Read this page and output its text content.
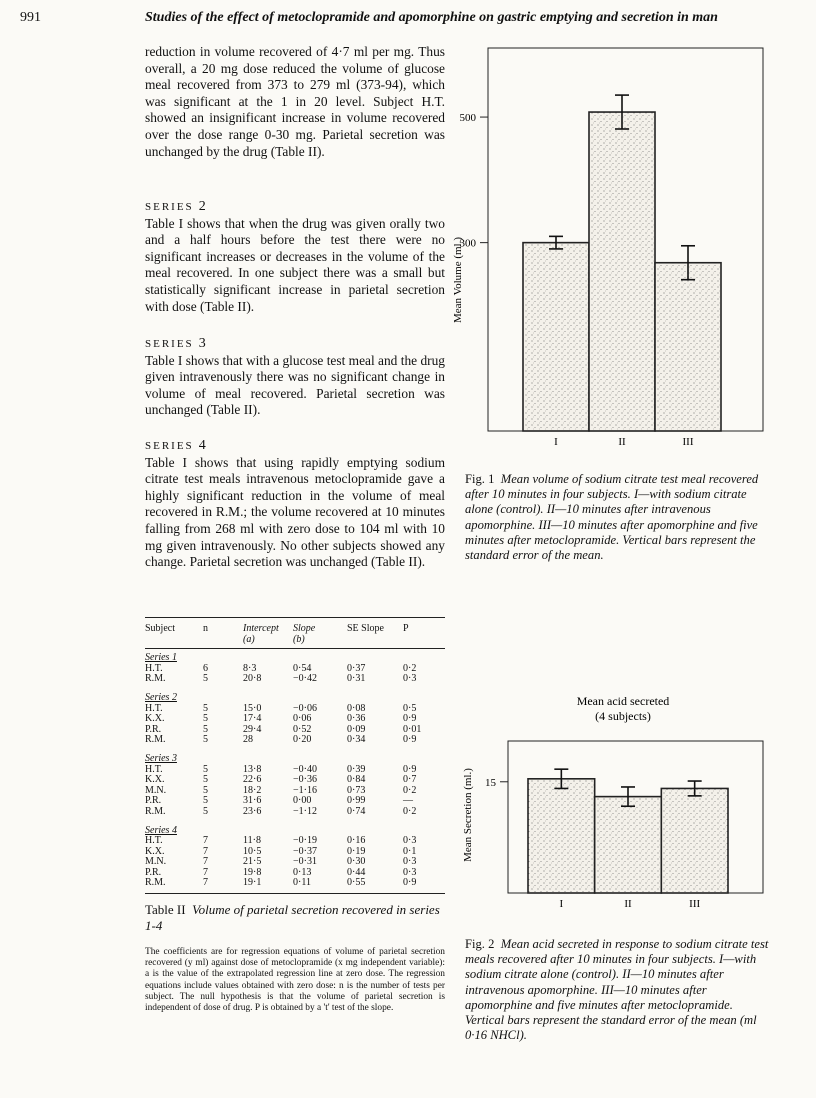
991	Studies of the effect of metoclopramide and apomorphine on gastric emptying and secretion in man
reduction in volume recovered of 4·7 ml per mg. Thus overall, a 20 mg dose reduced the volume of glucose meal recovered from 373 to 279 ml (373-94), which was significant at the 1 in 20 level. Subject H.T. showed an insignificant increase in volume recovered over the dose range 0-30 mg. Parietal secretion was unchanged by the drug (Table II).
SERIES 2
Table I shows that when the drug was given orally two and a half hours before the test there were no significant increases or decreases in the volume of the meal recovered. In one subject there was a small but statistically significant increase in parietal secretion with dose (Table II).
SERIES 3
Table I shows that with a glucose test meal and the drug given intravenously there was no significant change in volume of meal recovered. Parietal secretion was unchanged (Table II).
SERIES 4
Table I shows that using rapidly emptying sodium citrate test meals intravenous metoclopramide gave a highly significant reduction in the volume of meal recovered in R.M.; the volume recovered at 10 minutes falling from 268 ml with zero dose to 104 ml with 10 mg given intravenously. No other subjects showed any change. Parietal secretion was unchanged (Table II).
Subject	n	Intercept	Slope	SE Slope	P
		(a)	(b)		

Series 1					
H.T.	6	8·3	0·54	0·37	0·2
R.M.	5	20·8	−0·42	0·31	0·3
Series 2					
H.T.	5	15·0	−0·06	0·08	0·5
K.X.	5	17·4	0·06	0·36	0·9
P.R.	5	29·4	0·52	0·09	0·01
R.M.	5	28	0·20	0·34	0·9
Series 3					
H.T.	5	13·8	−0·40	0·39	0·9
K.X.	5	22·6	−0·36	0·84	0·7
M.N.	5	18·2	−1·16	0·73	0·2
P.R.	5	31·6	0·00	0·99	—
R.M.	5	23·6	−1·12	0·74	0·2
Series 4					
H.T.	7	11·8	−0·19	0·16	0·3
K.X.	7	10·5	−0·37	0·19	0·1
M.N.	7	21·5	−0·31	0·30	0·3
P.R.	7	19·8	0·13	0·44	0·3
R.M.	7	19·1	0·11	0·55	0·9
Table II Volume of parietal secretion recovered in series 1-4
The coefficients are for regression equations of volume of parietal secretion recovered (y ml) against dose of metoclopramide (x mg independent variable): a is the value of the extrapolated regression line at zero dose. The regression equations include values obtained with zero dose: n is the number of tests per subject. The null hypothesis is that the volume of parietal secretion is independent of dose of drug. P is obtained by a 't' test of the slope.
300
500
Mean Volume (ml.)
I	II	III
Fig. 1 Mean volume of sodium citrate test meal recovered after 10 minutes in four subjects. I—with sodium citrate alone (control). II—10 minutes after intravenous apomorphine. III—10 minutes after apomorphine and five minutes after metoclopramide. Vertical bars represent the standard error of the mean.
15
Mean Secretion (ml.)
Mean acid secreted
(4 subjects)
I	II	III
Fig. 2 Mean acid secreted in response to sodium citrate test meals recovered after 10 minutes in four subjects. I—with sodium citrate alone (control). II—10 minutes after intravenous apomorphine. III—10 minutes after apomorphine and five minutes after metoclopramide. Vertical bars represent the standard error of the mean (ml 0·16 NHCl).
